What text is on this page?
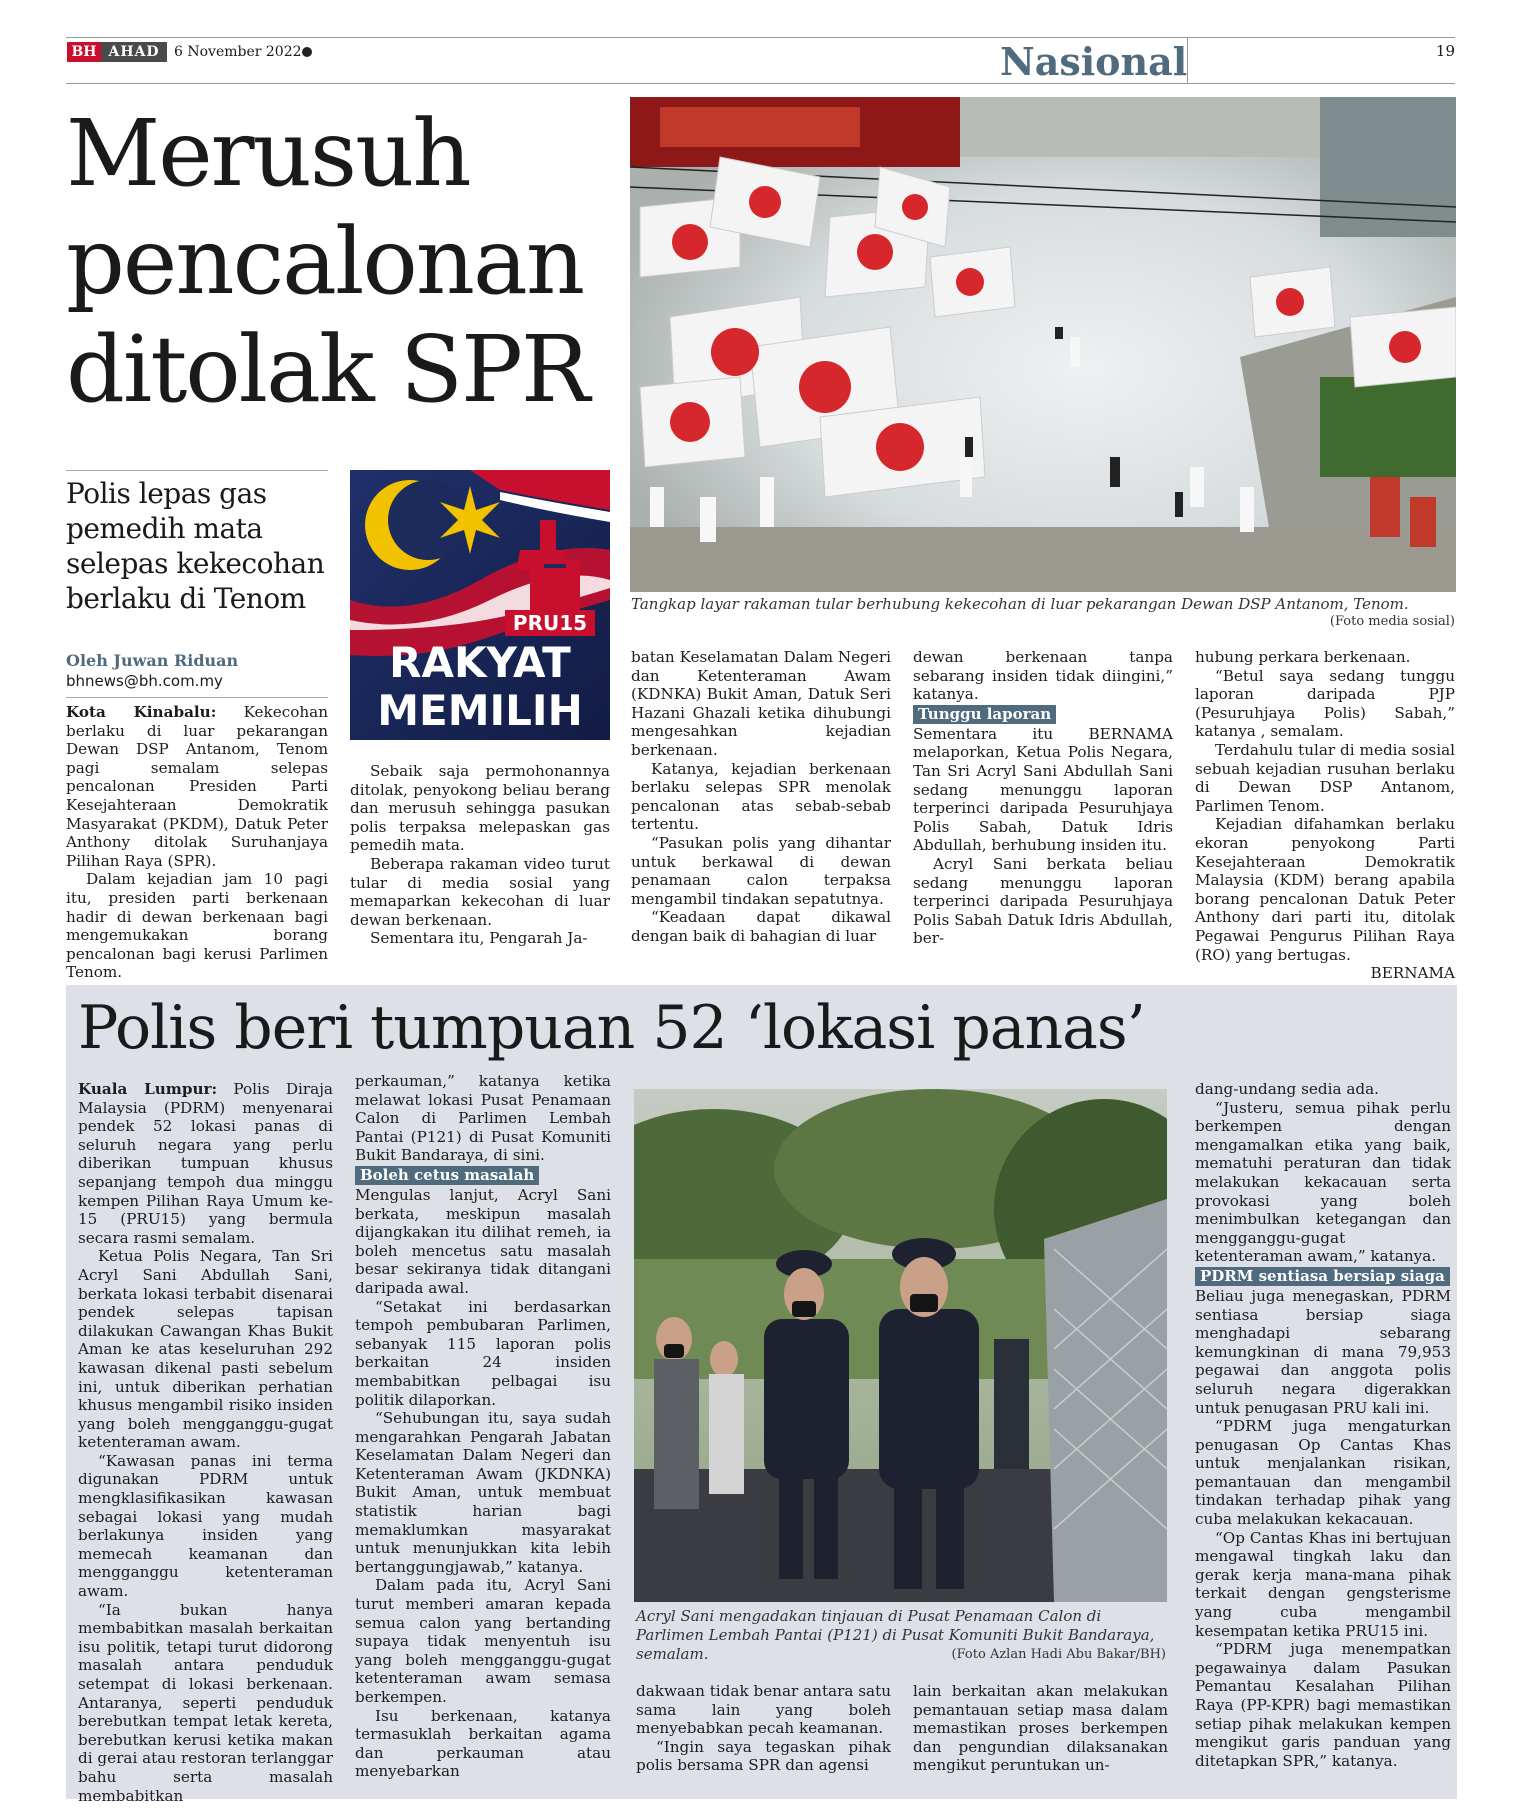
BH AHAD	6 November 2022	Nasional	19
Merusuh
pencalonan
ditolak SPR
Polis lepas gas pemedih mata selepas kekecohan berlaku di Tenom
Oleh Juwan Riduan
bhnews@bh.com.my
PRU15
RAKYAT
MEMILIH
Tangkap layar rakaman tular berhubung kekecohan di luar pekarangan Dewan DSP Antanom, Tenom.
(Foto media sosial)

Kota Kinabalu: Kekecohan berlaku di luar pekarangan Dewan DSP Antanom, Tenom pagi semalam selepas pencalonan Presiden Parti Kesejahteraan Demokratik Masyarakat (PKDM), Datuk Peter Anthony ditolak Suruhanjaya Pilihan Raya (SPR).

Dalam kejadian jam 10 pagi itu, presiden parti berkenaan hadir di dewan berkenaan bagi mengemukakan borang pencalonan bagi kerusi Parlimen Tenom.

Sebaik saja permohonannya ditolak, penyokong beliau berang dan merusuh sehingga pasukan polis terpaksa melepaskan gas pemedih mata.

Beberapa rakaman video turut tular di media sosial yang memaparkan kekecohan di luar dewan berkenaan.

Sementara itu, Pengarah Ja-

batan Keselamatan Dalam Negeri dan Ketenteraman Awam (KDNKA) Bukit Aman, Datuk Seri Hazani Ghazali ketika dihubungi mengesahkan kejadian berkenaan.

Katanya, kejadian berkenaan berlaku selepas SPR menolak pencalonan atas sebab-sebab tertentu.

“Pasukan polis yang dihantar untuk berkawal di dewan penamaan calon terpaksa mengambil tindakan sepatutnya.

“Keadaan dapat dikawal dengan baik di bahagian di luar

dewan berkenaan tanpa sebarang insiden tidak diingini,” katanya.

Tunggu laporan

Sementara itu BERNAMA melaporkan, Ketua Polis Negara, Tan Sri Acryl Sani Abdullah Sani sedang menunggu laporan terperinci daripada Pesuruhjaya Polis Sabah, Datuk Idris Abdullah, berhubung insiden itu.

Acryl Sani berkata beliau sedang menunggu laporan terperinci daripada Pesuruhjaya Polis Sabah Datuk Idris Abdullah, ber-

hubung perkara berkenaan.

“Betul saya sedang tunggu laporan daripada PJP (Pesuruhjaya Polis) Sabah,” katanya , semalam.

Terdahulu tular di media sosial sebuah kejadian rusuhan berlaku di Dewan DSP Antanom, Parlimen Tenom.

Kejadian difahamkan berlaku ekoran penyokong Parti Kesejahteraan Demokratik Malaysia (KDM) berang apabila borang pencalonan Datuk Peter Anthony dari parti itu, ditolak Pegawai Pengurus Pilihan Raya (RO) yang bertugas.
BERNAMA

Polis beri tumpuan 52 ‘lokasi panas’

Kuala Lumpur: Polis Diraja Malaysia (PDRM) menyenarai pendek 52 lokasi panas di seluruh negara yang perlu diberikan tumpuan khusus sepanjang tempoh dua minggu kempen Pilihan Raya Umum ke-15 (PRU15) yang bermula secara rasmi semalam.

Ketua Polis Negara, Tan Sri Acryl Sani Abdullah Sani, berkata lokasi terbabit disenarai pendek selepas tapisan dilakukan Cawangan Khas Bukit Aman ke atas keseluruhan 292 kawasan dikenal pasti sebelum ini, untuk diberikan perhatian khusus mengambil risiko insiden yang boleh mengganggu-gugat ketenteraman awam.

“Kawasan panas ini terma digunakan PDRM untuk mengklasifikasikan kawasan sebagai lokasi yang mudah berlakunya insiden yang memecah keamanan dan mengganggu ketenteraman awam.

“Ia bukan hanya membabitkan masalah berkaitan isu politik, tetapi turut didorong masalah antara penduduk setempat di lokasi berkenaan. Antaranya, seperti penduduk berebutkan tempat letak kereta, berebutkan kerusi ketika makan di gerai atau restoran terlanggar bahu serta masalah membabitkan

perkauman,” katanya ketika melawat lokasi Pusat Penamaan Calon di Parlimen Lembah Pantai (P121) di Pusat Komuniti Bukit Bandaraya, di sini.

Boleh cetus masalah

Mengulas lanjut, Acryl Sani berkata, meskipun masalah dijangkakan itu dilihat remeh, ia boleh mencetus satu masalah besar sekiranya tidak ditangani daripada awal.

“Setakat ini berdasarkan tempoh pembubaran Parlimen, sebanyak 115 laporan polis berkaitan 24 insiden membabitkan pelbagai isu politik dilaporkan.

“Sehubungan itu, saya sudah mengarahkan Pengarah Jabatan Keselamatan Dalam Negeri dan Ketenteraman Awam (JKDNKA) Bukit Aman, untuk membuat statistik harian bagi memaklumkan masyarakat untuk menunjukkan kita lebih bertanggungjawab,” katanya.

Dalam pada itu, Acryl Sani turut memberi amaran kepada semua calon yang bertanding supaya tidak menyentuh isu yang boleh mengganggu-gugat ketenteraman awam semasa berkempen.

Isu berkenaan, katanya termasuklah berkaitan agama dan perkauman atau menyebarkan

Acryl Sani mengadakan tinjauan di Pusat Penamaan Calon di Parlimen Lembah Pantai (P121) di Pusat Komuniti Bukit Bandaraya, semalam.	(Foto Azlan Hadi Abu Bakar/BH)

dakwaan tidak benar antara satu sama lain yang boleh menyebabkan pecah keamanan.

“Ingin saya tegaskan pihak polis bersama SPR dan agensi

lain berkaitan akan melakukan pemantauan setiap masa dalam memastikan proses berkempen dan pengundian dilaksanakan mengikut peruntukan un-

dang-undang sedia ada.

“Justeru, semua pihak perlu berkempen dengan mengamalkan etika yang baik, mematuhi peraturan dan tidak melakukan kekacauan serta provokasi yang boleh menimbulkan ketegangan dan mengganggu-gugat ketenteraman awam,” katanya.

PDRM sentiasa bersiap siaga

Beliau juga menegaskan, PDRM sentiasa bersiap siaga menghadapi sebarang kemungkinan di mana 79,953 pegawai dan anggota polis seluruh negara digerakkan untuk penugasan PRU kali ini.

“PDRM juga mengaturkan penugasan Op Cantas Khas untuk menjalankan risikan, pemantauan dan mengambil tindakan terhadap pihak yang cuba melakukan kekacauan.

“Op Cantas Khas ini bertujuan mengawal tingkah laku dan gerak kerja mana-mana pihak terkait dengan gengsterisme yang cuba mengambil kesempatan ketika PRU15 ini.

“PDRM juga menempatkan pegawainya dalam Pasukan Pemantau Kesalahan Pilihan Raya (PP-KPR) bagi memastikan setiap pihak melakukan kempen mengikut garis panduan yang ditetapkan SPR,” katanya.
